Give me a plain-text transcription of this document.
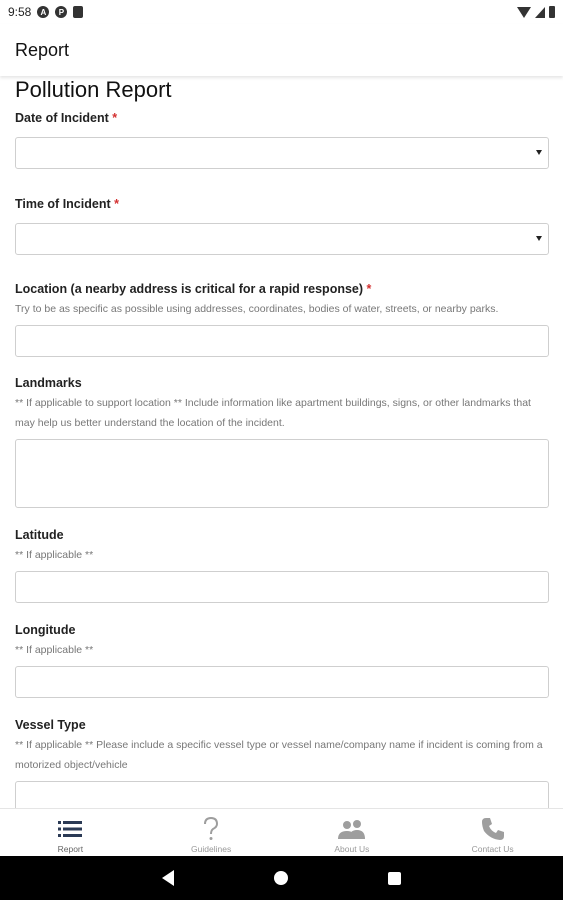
9:58	A	P
Report
Pollution Report
Date of Incident *
Time of Incident *
Location (a nearby address is critical for a rapid response) *
Try to be as specific as possible using addresses, coordinates, bodies of water, streets, or nearby parks.
Landmarks
** If applicable to support location ** Include information like apartment buildings, signs, or other landmarks that may help us better understand the location of the incident.
Latitude
** If applicable **
Longitude
** If applicable **
Vessel Type
** If applicable ** Please include a specific vessel type or vessel name/company name if incident is coming from a motorized object/vehicle
Report	Guidelines	About Us	Contact Us
